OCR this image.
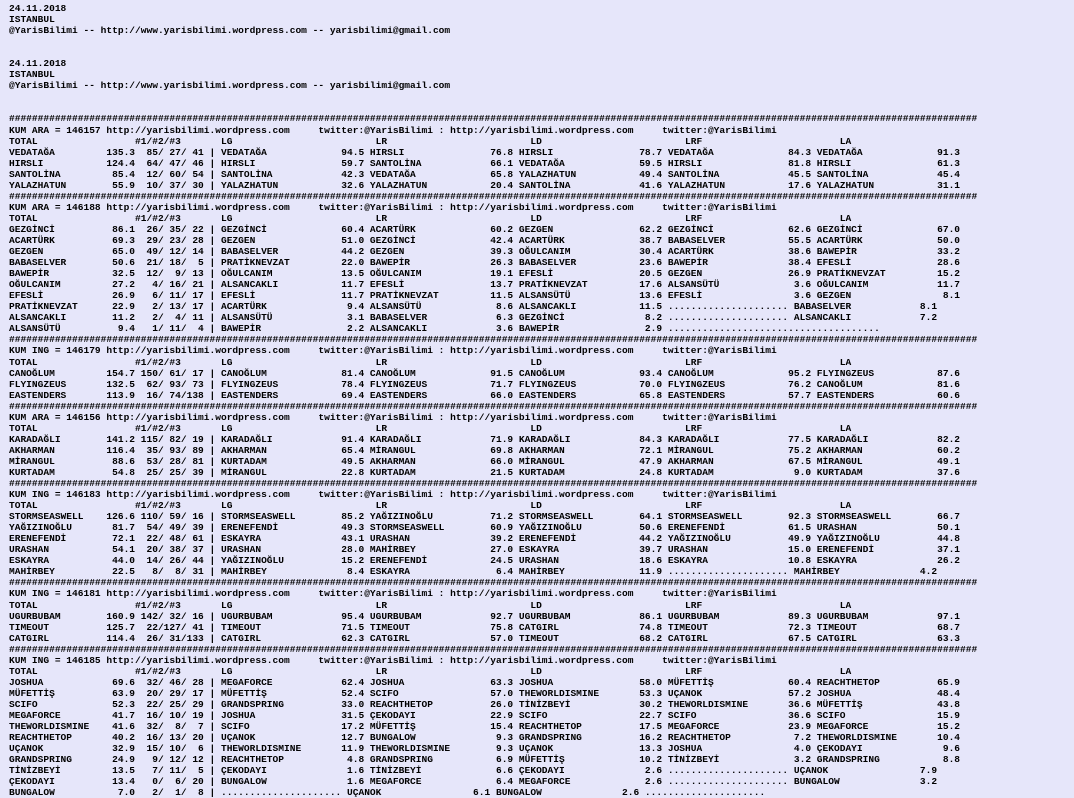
24.11.2018
ISTANBUL
@YarisBilimi -- http://www.yarisbilimi.wordpress.com -- yarisbilimi@gmail.com
24.11.2018
ISTANBUL
@YarisBilimi -- http://www.yarisbilimi.wordpress.com -- yarisbilimi@gmail.com
#########################################################################################################################################################################
KUM ARA = 146157 http://yarisbilimi.wordpress.com     twitter:@YarisBilimi : http://yarisbilimi.wordpress.com     twitter:@YarisBilimi
TOTAL                 #1/#2/#3       LG                         LR                         LD                         LRF                        LA
VEDATAĞA         135.3  85/ 27/ 41 | VEDATAĞA             94.5 HIRSLI               76.8 HIRSLI               78.7 VEDATAĞA             84.3 VEDATAĞA             91.3
HIRSLI           124.4  64/ 47/ 46 | HIRSLI               59.7 SANTOLİNA            66.1 VEDATAĞA             59.5 HIRSLI               81.8 HIRSLI               61.3
SANTOLİNA         85.4  12/ 60/ 54 | SANTOLİNA            42.3 VEDATAĞA             65.8 YALAZHATUN           49.4 SANTOLİNA            45.5 SANTOLİNA            45.4
YALAZHATUN        55.9  10/ 37/ 30 | YALAZHATUN           32.6 YALAZHATUN           20.4 SANTOLİNA            41.6 YALAZHATUN           17.6 YALAZHATUN           31.1
#########################################################################################################################################################################
KUM ARA = 146188 http://yarisbilimi.wordpress.com     twitter:@YarisBilimi : http://yarisbilimi.wordpress.com     twitter:@YarisBilimi
TOTAL                 #1/#2/#3       LG                         LR                         LD                         LRF                        LA
GEZGİNCİ          86.1  26/ 35/ 22 | GEZGİNCİ             60.4 ACARTÜRK             60.2 GEZGEN               62.2 GEZGİNCİ             62.6 GEZGİNCİ             67.0
ACARTÜRK          69.3  29/ 23/ 28 | GEZGEN               51.0 GEZGİNCİ             42.4 ACARTÜRK             38.7 BABASELVER           55.5 ACARTÜRK             50.0
GEZGEN            65.0  49/ 12/ 14 | BABASELVER           44.2 GEZGEN               39.3 OĞULCANIM            30.4 ACARTÜRK             38.6 BAWEPİR              33.2
BABASELVER        50.6  21/ 18/  5 | PRATİKNEVZAT         22.0 BAWEPİR              26.3 BABASELVER           23.6 BAWEPİR              38.4 EFESLİ               28.6
BAWEPİR           32.5  12/  9/ 13 | OĞULCANIM            13.5 OĞULCANIM            19.1 EFESLİ               20.5 GEZGEN               26.9 PRATİKNEVZAT         15.2
OĞULCANIM         27.2   4/ 16/ 21 | ALSANCAKLI           11.7 EFESLİ               13.7 PRATİKNEVZAT         17.6 ALSANSÜTÜ             3.6 OĞULCANIM            11.7
EFESLİ            26.9   6/ 11/ 17 | EFESLİ               11.7 PRATİKNEVZAT         11.5 ALSANSÜTÜ            13.6 EFESLİ                3.6 GEZGEN                8.1
PRATİKNEVZAT      22.9   2/ 13/ 17 | ACARTÜRK              9.4 ALSANSÜTÜ             8.6 ALSANCAKLI           11.5 ..................... BABASELVER            8.1
ALSANCAKLI        11.2   2/  4/ 11 | ALSANSÜTÜ             3.1 BABASELVER            6.3 GEZGİNCİ              8.2 ..................... ALSANCAKLI            7.2
ALSANSÜTÜ          9.4   1/ 11/  4 | BAWEPİR               2.2 ALSANCAKLI            3.6 BAWEPİR               2.9 .....................................
#########################################################################################################################################################################
KUM ING = 146179 http://yarisbilimi.wordpress.com     twitter:@YarisBilimi : http://yarisbilimi.wordpress.com     twitter:@YarisBilimi
TOTAL                 #1/#2/#3       LG                         LR                         LD                         LRF                        LA
CANOĞLUM         154.7 150/ 61/ 17 | CANOĞLUM             81.4 CANOĞLUM             91.5 CANOĞLUM             93.4 CANOĞLUM             95.2 FLYINGZEUS           87.6
FLYINGZEUS       132.5  62/ 93/ 73 | FLYINGZEUS           78.4 FLYINGZEUS           71.7 FLYINGZEUS           70.0 FLYINGZEUS           76.2 CANOĞLUM             81.6
EASTENDERS       113.9  16/ 74/138 | EASTENDERS           69.4 EASTENDERS           66.0 EASTENDERS           65.8 EASTENDERS           57.7 EASTENDERS           60.6
#########################################################################################################################################################################
KUM ARA = 146156 http://yarisbilimi.wordpress.com     twitter:@YarisBilimi : http://yarisbilimi.wordpress.com     twitter:@YarisBilimi
TOTAL                 #1/#2/#3       LG                         LR                         LD                         LRF                        LA
KARADAĞLI        141.2 115/ 82/ 19 | KARADAĞLI            91.4 KARADAĞLI            71.9 KARADAĞLI            84.3 KARADAĞLI            77.5 KARADAĞLI            82.2
AKHARMAN         116.4  35/ 93/ 89 | AKHARMAN             65.4 MİRANGUL             69.8 AKHARMAN             72.1 MİRANGUL             75.2 AKHARMAN             60.2
MİRANGUL          88.6  53/ 28/ 81 | KURTADAM             49.5 AKHARMAN             66.0 MİRANGUL             47.9 AKHARMAN             67.5 MİRANGUL             49.1
KURTADAM          54.8  25/ 25/ 39 | MİRANGUL             22.8 KURTADAM             21.5 KURTADAM             24.8 KURTADAM              9.0 KURTADAM             37.6
#########################################################################################################################################################################
KUM ING = 146183 http://yarisbilimi.wordpress.com     twitter:@YarisBilimi : http://yarisbilimi.wordpress.com     twitter:@YarisBilimi
TOTAL                 #1/#2/#3       LG                         LR                         LD                         LRF                        LA
STORMSEASWELL    126.6 110/ 59/ 16 | STORMSEASWELL        85.2 YAĞIZINOĞLU          71.2 STORMSEASWELL        64.1 STORMSEASWELL        92.3 STORMSEASWELL        66.7
YAĞIZINOĞLU       81.7  54/ 49/ 39 | ERENEFENDİ           49.3 STORMSEASWELL        60.9 YAĞIZINOĞLU          50.6 ERENEFENDİ           61.5 URASHAN              50.1
ERENEFENDİ        72.1  22/ 48/ 61 | ESKAYRA              43.1 URASHAN              39.2 ERENEFENDİ           44.2 YAĞIZINOĞLU          49.9 YAĞIZINOĞLU          44.8
URASHAN           54.1  20/ 38/ 37 | URASHAN              28.0 MAHİRBEY             27.0 ESKAYRA              39.7 URASHAN              15.0 ERENEFENDİ           37.1
ESKAYRA           44.0  14/ 26/ 44 | YAĞIZINOĞLU          15.2 ERENEFENDİ           24.5 URASHAN              18.6 ESKAYRA              10.8 ESKAYRA              26.2
MAHİRBEY          22.5   8/  8/ 31 | MAHİRBEY              8.4 ESKAYRA               6.4 MAHİRBEY             11.9 ..................... MAHİRBEY              4.2
#########################################################################################################################################################################
KUM ING = 146181 http://yarisbilimi.wordpress.com     twitter:@YarisBilimi : http://yarisbilimi.wordpress.com     twitter:@YarisBilimi
TOTAL                 #1/#2/#3       LG                         LR                         LD                         LRF                        LA
UGURBUBAM        160.9 142/ 32/ 16 | UGURBUBAM            95.4 UGURBUBAM            92.7 UGURBUBAM            86.1 UGURBUBAM            89.3 UGURBUBAM            97.1
TIMEOUT          125.7  22/127/ 41 | TIMEOUT              71.5 TIMEOUT              75.8 CATGIRL              74.8 TIMEOUT              72.3 TIMEOUT              68.7
CATGIRL          114.4  26/ 31/133 | CATGIRL              62.3 CATGIRL              57.0 TIMEOUT              68.2 CATGIRL              67.5 CATGIRL              63.3
#########################################################################################################################################################################
KUM ING = 146185 http://yarisbilimi.wordpress.com     twitter:@YarisBilimi : http://yarisbilimi.wordpress.com     twitter:@YarisBilimi
TOTAL                 #1/#2/#3       LG                         LR                         LD                         LRF                        LA
JOSHUA            69.6  32/ 46/ 28 | MEGAFORCE            62.4 JOSHUA               63.3 JOSHUA               58.0 MÜFETTİŞ             60.4 REACHTHETOP          65.9
MÜFETTİŞ          63.9  20/ 29/ 17 | MÜFETTİŞ             52.4 SCIFO                57.0 THEWORLDISMINE       53.3 UÇANOK               57.2 JOSHUA               48.4
SCIFO             52.3  22/ 25/ 29 | GRANDSPRING          33.0 REACHTHETOP          26.0 TİNİZBEYİ            30.2 THEWORLDISMINE       36.6 MÜFETTİŞ             43.8
MEGAFORCE         41.7  16/ 10/ 19 | JOSHUA               31.5 ÇEKODAYI             22.9 SCIFO                22.7 SCIFO                36.6 SCIFO                15.9
THEWORLDISMINE    41.6  32/  8/  7 | SCIFO                17.2 MÜFETTİŞ             15.4 REACHTHETOP          17.5 MEGAFORCE            23.9 MEGAFORCE            15.2
REACHTHETOP       40.2  16/ 13/ 20 | UÇANOK               12.7 BUNGALOW              9.3 GRANDSPRING          16.2 REACHTHETOP           7.2 THEWORLDISMINE       10.4
UÇANOK            32.9  15/ 10/  6 | THEWORLDISMINE       11.9 THEWORLDISMINE        9.3 UÇANOK               13.3 JOSHUA                4.0 ÇEKODAYI              9.6
GRANDSPRING       24.9   9/ 12/ 12 | REACHTHETOP           4.8 GRANDSPRING           6.9 MÜFETTİŞ             10.2 TİNİZBEYİ             3.2 GRANDSPRING           8.8
TİNİZBEYİ         13.5   7/ 11/  5 | ÇEKODAYI              1.6 TİNİZBEYİ             6.6 ÇEKODAYI              2.6 ..................... UÇANOK                7.9
ÇEKODAYI          13.4   0/  6/ 20 | BUNGALOW              1.6 MEGAFORCE             6.4 MEGAFORCE             2.6 ..................... BUNGALOW              3.2
BUNGALOW           7.0   2/  1/  8 | ..................... UÇANOK                6.1 BUNGALOW              2.6 .....................
